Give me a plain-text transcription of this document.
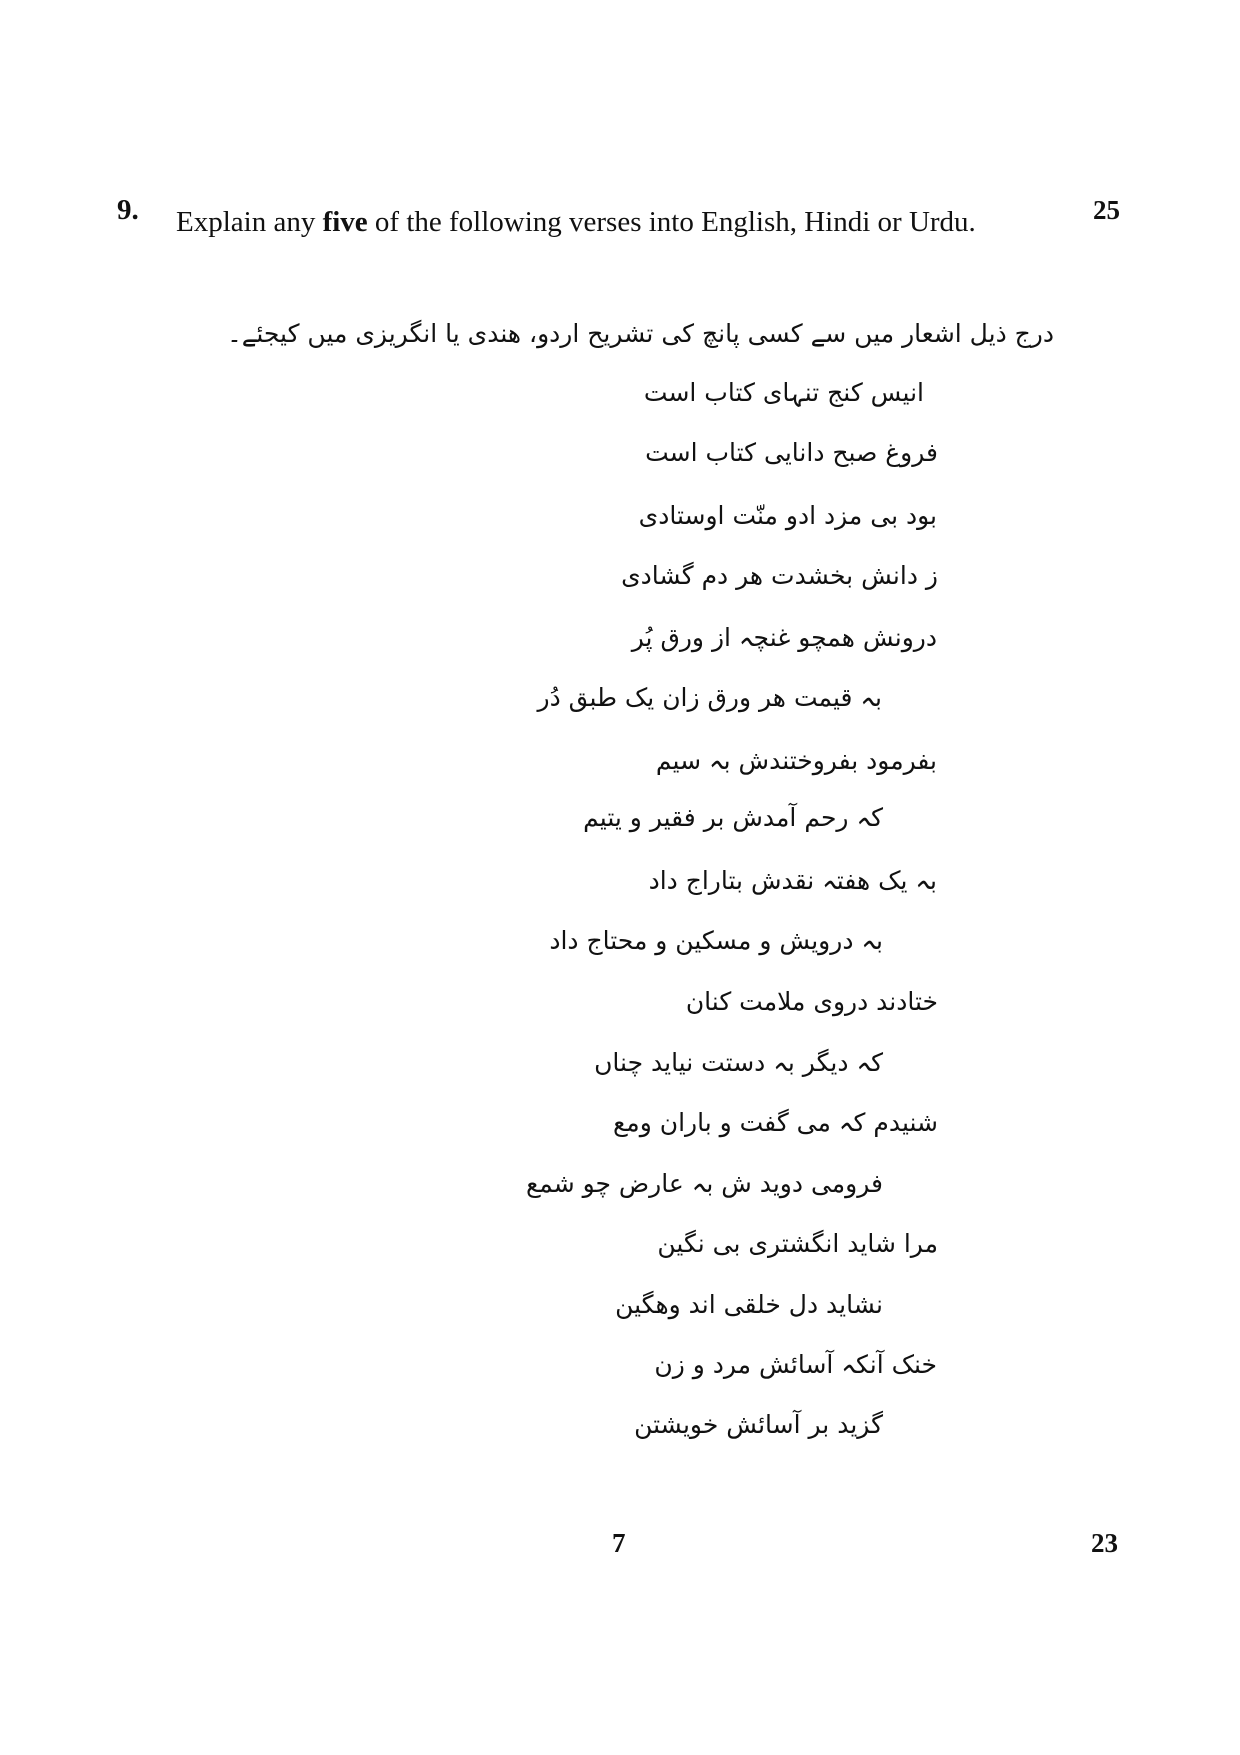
9. Explain any five of the following verses into English, Hindi or Urdu.	25
درج ذیل اشعار میں سے کسی پانچ کی تشریح اردو، ھندی یا انگریزی میں کیجئے۔
انیس کنج تنہای کتاب است
فروغ صبح دانایی کتاب است
بود بی مزد ادو منّت اوستادی
ز دانش بخشدت ھر دم گشادی
درونش ھمچو غنچہ از ورق پُر
بہ قیمت ھر ورق زان یک طبق دُر
بفرمود بفروختندش بہ سیم
کہ رحم آمدش بر فقیر و یتیم
بہ یک ھفتہ نقدش بتاراج داد
بہ درویش و مسکین و محتاج داد
ختادند دروی ملامت کنان
کہ دیگر بہ دستت نیاید چناں
شنیدم کہ می گفت و باران ومع
فرومی دوید ش بہ عارض چو شمع
مرا شاید انگشتری بی نگین
نشاید دل خلقی اند وھگین
خنک آنکہ آسائش مرد و زن
گزید بر آسائش خویشتن
7	23
